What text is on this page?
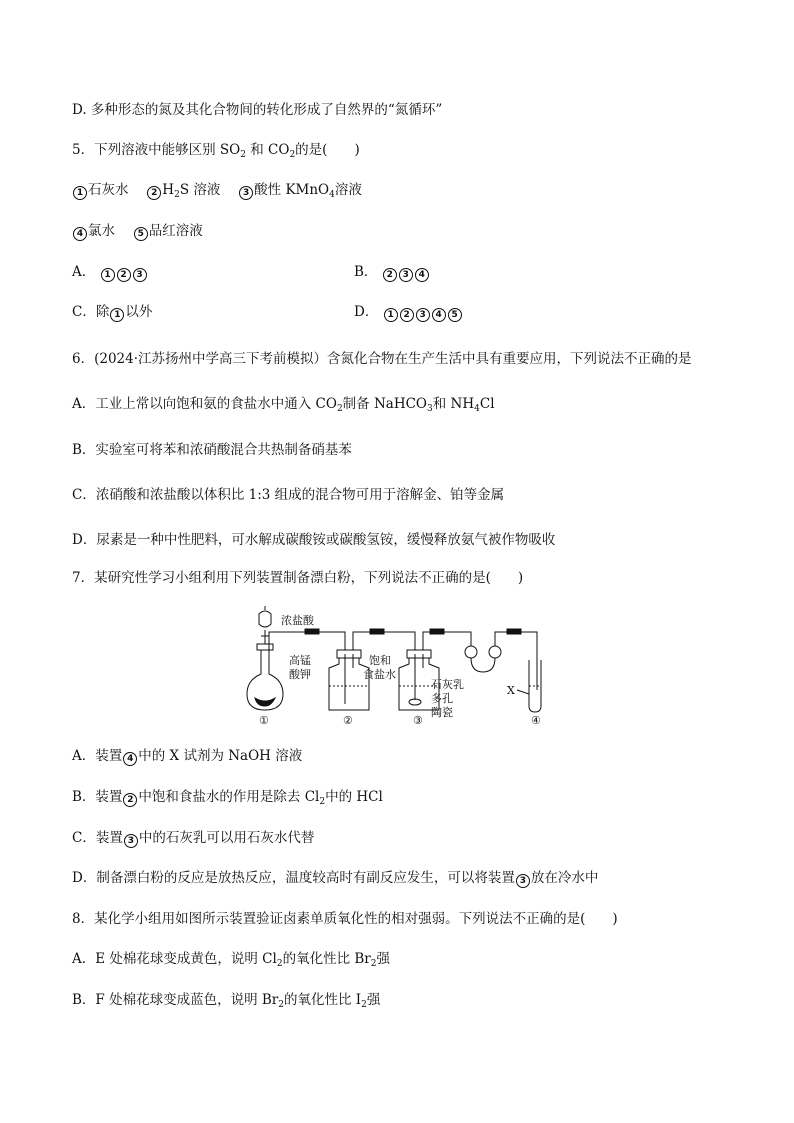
D. 多种形态的氮及其化合物间的转化形成了自然界的“氮循环”
5．下列溶液中能够区别 $SO_2$ 和 $CO_2$的是(　　)
1 石灰水　 2 $H_2S$ 溶液　 3 酸性 KMnO$_4$溶液
4 氯水　 5 品红溶液
A． 1 2 3	B． 2 3 4
C．除 1 以外	D． 1 2 3 4 5
6．(2024·江苏扬州中学高三下考前模拟）含氮化合物在生产生活中具有重要应用，下列说法不正确的是
A．工业上常以向饱和氨的食盐水中通入 $CO_2$制备 NaHCO$_3$和 $NH_4Cl$
B．实验室可将苯和浓硝酸混合共热制备硝基苯
C．浓硝酸和浓盐酸以体积比 1:3 组成的混合物可用于溶解金、铂等金属
D．尿素是一种中性肥料，可水解成碳酸铵或碳酸氢铵，缓慢释放氨气被作物吸收
7．某研究性学习小组利用下列装置制备漂白粉，下列说法不正确的是(　　)
浓盐酸
高锰
酸钾
饱和
食盐水
石灰乳
多孔
陶瓷
X
①	②	③	④
A．装置 4 中的 X 试剂为 NaOH 溶液
B．装置 2 中饱和食盐水的作用是除去 $Cl_2$中的 HCl
C．装置 3 中的石灰乳可以用石灰水代替
D．制备漂白粉的反应是放热反应，温度较高时有副反应发生，可以将装置 3 放在冷水中
8．某化学小组用如图所示装置验证卤素单质氧化性的相对强弱。下列说法不正确的是(　　)
A．E 处棉花球变成黄色，说明 $Cl_2$的氧化性比 $Br_2$强
B．F 处棉花球变成蓝色，说明 $Br_2$的氧化性比 $I_2$强
